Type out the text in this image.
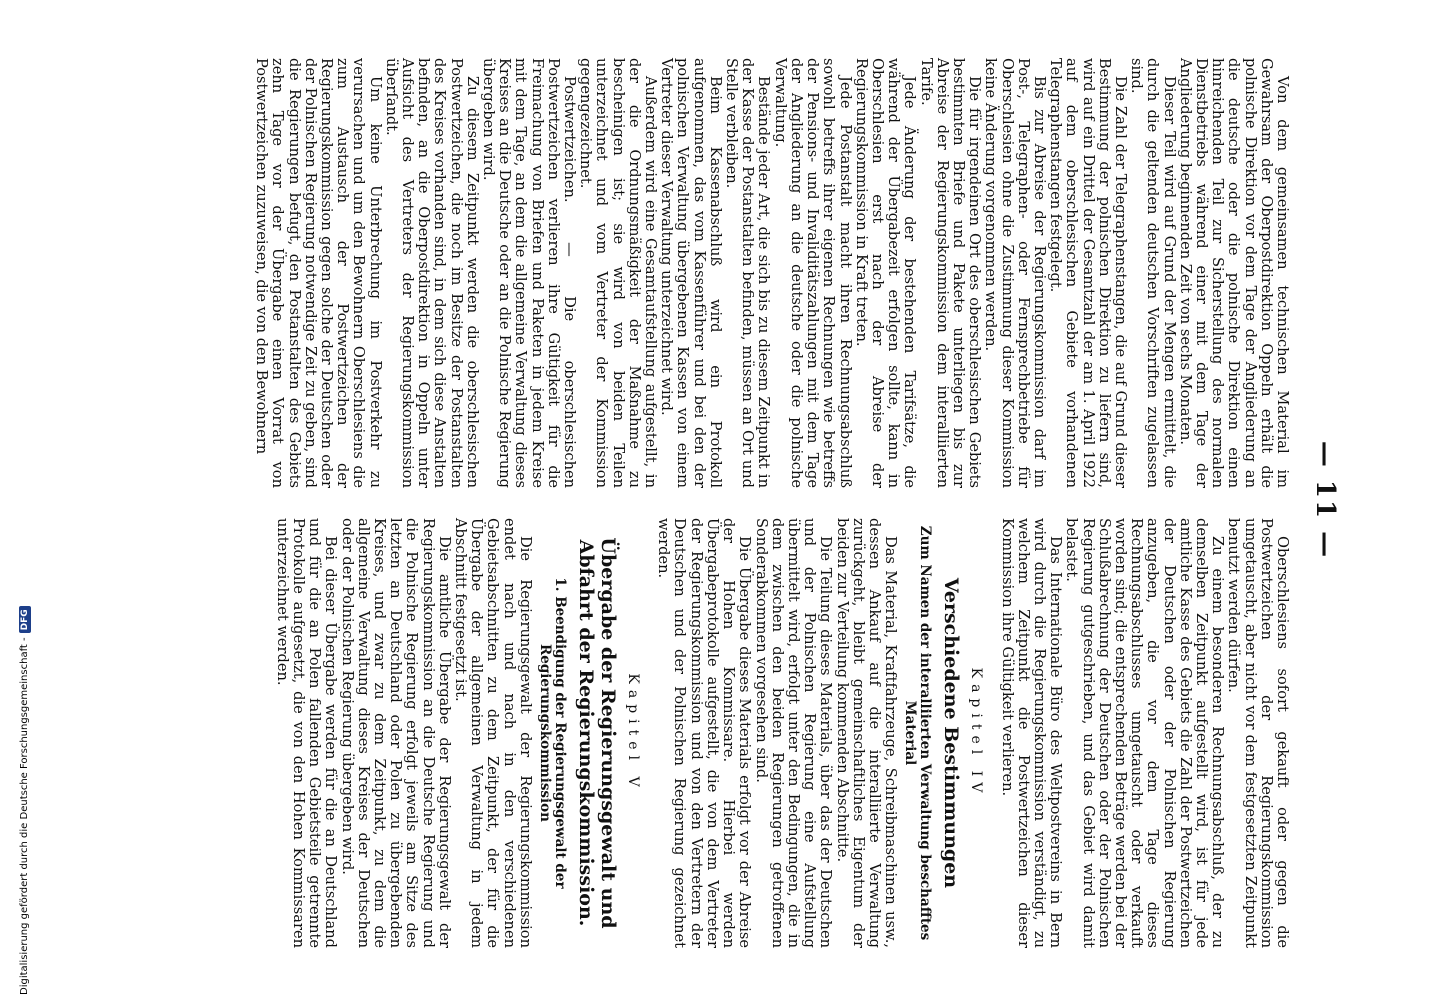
Digitalisierung gefördert durch die Deutsche Forschungsgemeinschaft -DFG
— 11 —

Von dem gemeinsamen technischen Material im Gewahrsam der Oberpostdirektion Oppeln erhält die polnische Direktion vor dem Tage der Angliederung an die deutsche oder die polnische Direktion einen hinreichenden Teil zur Sicherstellung des normalen Dienstbetriebs während einer mit dem Tage der Angliederung beginnenden Zeit von sechs Monaten.

Dieser Teil wird auf Grund der Mengen ermittelt, die durch die geltenden deutschen Vorschriften zugelassen sind.

Die Zahl der Telegraphenstangen, die auf Grund dieser Bestimmung der polnischen Direktion zu liefern sind, wird auf ein Drittel der Gesamtzahl der am 1. April 1922 auf dem oberschlesischen Gebiete vorhandenen Telegraphenstangen festgelegt.

Bis zur Abreise der Regierungskommission darf im Post-, Telegraphen- oder Fernsprechbetriebe für Oberschlesien ohne die Zustimmung dieser Kommission keine Änderung vorgenommen werden.

Die für irgendeinen Ort des oberschlesischen Gebiets bestimmten Briefe und Pakete unterliegen bis zur Abreise der Regierungskommission dem interalliierten Tarife.

Jede Änderung der bestehenden Tarifsätze, die während der Übergabezeit erfolgen sollte, kann in Oberschlesien erst nach der Abreise der Regierungskommission in Kraft treten.

Jede Postanstalt macht ihren Rechnungsabschluß sowohl betreffs ihrer eigenen Rechnungen wie betreffs der Pensions- und Invaliditätszahlungen mit dem Tage der Angliederung an die deutsche oder die polnische Verwaltung.

Bestände jeder Art, die sich bis zu diesem Zeitpunkt in der Kasse der Postanstalten befinden, müssen an Ort und Stelle verbleiben.

Beim Kassenabschluß wird ein Protokoll aufgenommen, das vom Kassenführer und bei den der polnischen Verwaltung übergebenen Kassen von einem Vertreter dieser Verwaltung unterzeichnet wird.

Außerdem wird eine Gesamtaufstellung aufgestellt, in der die Ordnungsmäßigkeit der Maßnahme zu bescheinigen ist; sie wird von beiden Teilen unterzeichnet und vom Vertreter der Kommission gegengezeichnet.

Postwertzeichen. — Die oberschlesischen Postwertzeichen verlieren ihre Gültigkeit für die Freimachung von Briefen und Paketen in jedem Kreise mit dem Tage, an dem die allgemeine Verwaltung dieses Kreises an die Deutsche oder an die Polnische Regierung übergeben wird.

Zu diesem Zeitpunkt werden die oberschlesischen Postwertzeichen, die noch im Besitze der Postanstalten des Kreises vorhanden sind, in dem sich diese Anstalten befinden, an die Oberpostdirektion in Oppeln unter Aufsicht des Vertreters der Regierungskommission überſandt.

Um keine Unterbrechung im Postverkehr zu verursachen und um den Bewohnern Oberschlesiens die zum Austausch der Postwertzeichen der Regierungskommission gegen solche der Deutschen oder der Polnischen Regierung notwendige Zeit zu geben, sind die Regierungen befugt, den Postanstalten des Gebiets zehn Tage vor der Übergabe einen Vorrat von Postwertzeichen zuzuweisen, die von den Bewohnern

Oberschlesiens sofort gekauft oder gegen die Postwertzeichen der Regierungskommission umgetauscht, aber nicht vor dem festgesetzten Zeitpunkt benutzt werden dürfen.

Zu einem besonderen Rechnungsabschluß, der zu demselben Zeitpunkt aufgestellt wird, ist für jede amtliche Kasse des Gebiets die Zahl der Postwertzeichen der Deutschen oder der Polnischen Regierung anzugeben, die vor dem Tage dieses Rechnungsabschlusses umgetauscht oder verkauft worden sind; die entsprechenden Beträge werden bei der Schlußabrechnung der Deutschen oder der Polnischen Regierung gutgeschrieben, und das Gebiet wird damit belastet.

Das Internationale Büro des Weltpostvereins in Bern wird durch die Regierungskommission verständigt, zu welchem Zeitpunkt die Postwertzeichen dieser Kommission ihre Gültigkeit verlieren.

Kapitel IV
Verschiedene Bestimmungen
Zum Namen der interalliierten Verwaltung beschafftes Material

Das Material, Kraftfahrzeuge, Schreibmaschinen usw., dessen Ankauf auf die interalliierte Verwaltung zurückgeht, bleibt gemeinschaftliches Eigentum der beiden zur Verteilung kommenden Abschnitte.

Die Teilung dieses Materials, über das der Deutschen und der Polnischen Regierung eine Aufstellung übermittelt wird, erfolgt unter den Bedingungen, die in dem zwischen den beiden Regierungen getroffenen Sonderabkommen vorgesehen sind.

Die Übergabe dieses Materials erfolgt vor der Abreise der Hohen Kommissare. Hierbei werden Übergabeprotokolle aufgestellt, die von dem Vertreter der Regierungskommission und von den Vertretern der Deutschen und der Polnischen Regierung gezeichnet werden.

Kapitel V
Übergabe der Regierungsgewalt und Abfahrt der Regierungskommission.
1. Beendigung der Regierungsgewalt der Regierungskommission

Die Regierungsgewalt der Regierungskommission endet nach und nach in den verschiedenen Gebietsabschnitten zu dem Zeitpunkt, der für die Übergabe der allgemeinen Verwaltung in jedem Abschnitt festgesetzt ist.

Die amtliche Übergabe der Regierungsgewalt der Regierungskommission an die Deutsche Regierung und die Polnische Regierung erfolgt jeweils am Sitze des letzten an Deutschland oder Polen zu übergebenden Kreises, und zwar zu dem Zeitpunkt, zu dem die allgemeine Verwaltung dieses Kreises der Deutschen oder der Polnischen Regierung übergeben wird.

Bei dieser Übergabe werden für die an Deutschland und für die an Polen fallenden Gebietsteile getrennte Protokolle aufgesetzt, die von den Hohen Kommissaren unterzeichnet werden.
